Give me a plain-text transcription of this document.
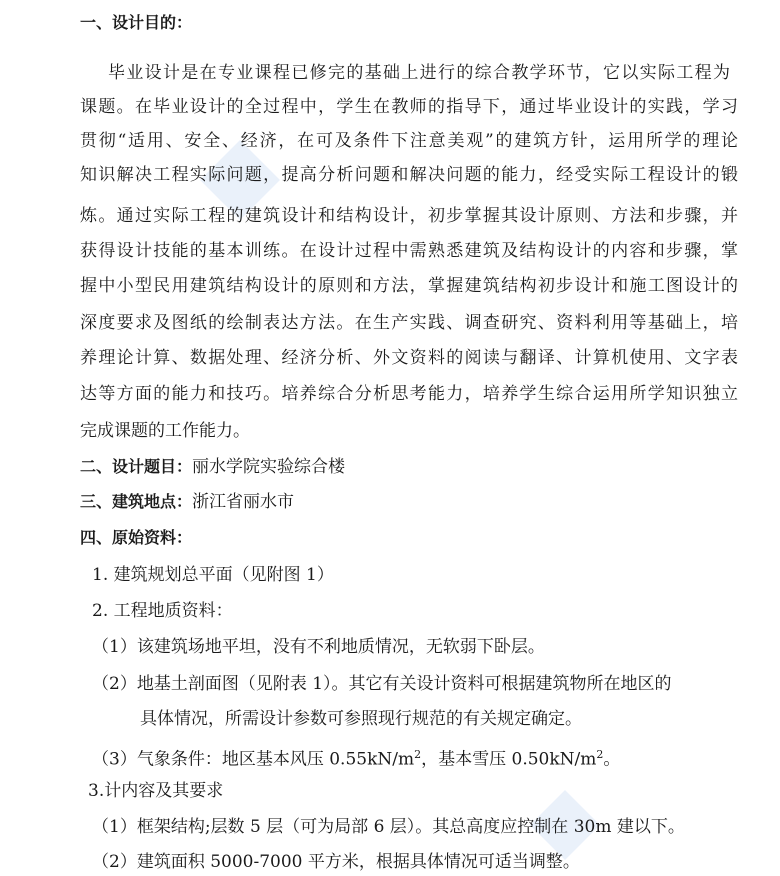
一、设计目的：
毕业设计是在专业课程已修完的基础上进行的综合教学环节，它以实际工程为
课题。在毕业设计的全过程中，学生在教师的指导下，通过毕业设计的实践，学习
贯彻“适用、安全、经济，在可及条件下注意美观”的建筑方针，运用所学的理论
知识解决工程实际问题，提高分析问题和解决问题的能力，经受实际工程设计的锻
炼。通过实际工程的建筑设计和结构设计，初步掌握其设计原则、方法和步骤，并
获得设计技能的基本训练。在设计过程中需熟悉建筑及结构设计的内容和步骤，掌
握中小型民用建筑结构设计的原则和方法，掌握建筑结构初步设计和施工图设计的
深度要求及图纸的绘制表达方法。在生产实践、调查研究、资料利用等基础上，培
养理论计算、数据处理、经济分析、外文资料的阅读与翻译、计算机使用、文字表
达等方面的能力和技巧。培养综合分析思考能力，培养学生综合运用所学知识独立
完成课题的工作能力。
二、设计题目：丽水学院实验综合楼
三、建筑地点：浙江省丽水市
四、原始资料：
1. 建筑规划总平面（见附图 1）
2. 工程地质资料：
（1）该建筑场地平坦，没有不利地质情况，无软弱下卧层。
（2）地基土剖面图（见附表 1）。其它有关设计资料可根据建筑物所在地区的
具体情况，所需设计参数可参照现行规范的有关规定确定。
（3）气象条件：地区基本风压 $0.55kN/m^2$，基本雪压 $0.50kN/m^2$。
3.计内容及其要求
（1）框架结构;层数 5 层（可为局部 6 层）。其总高度应控制在 30m 建以下。
（2）建筑面积 5000-7000 平方米，根据具体情况可适当调整。
